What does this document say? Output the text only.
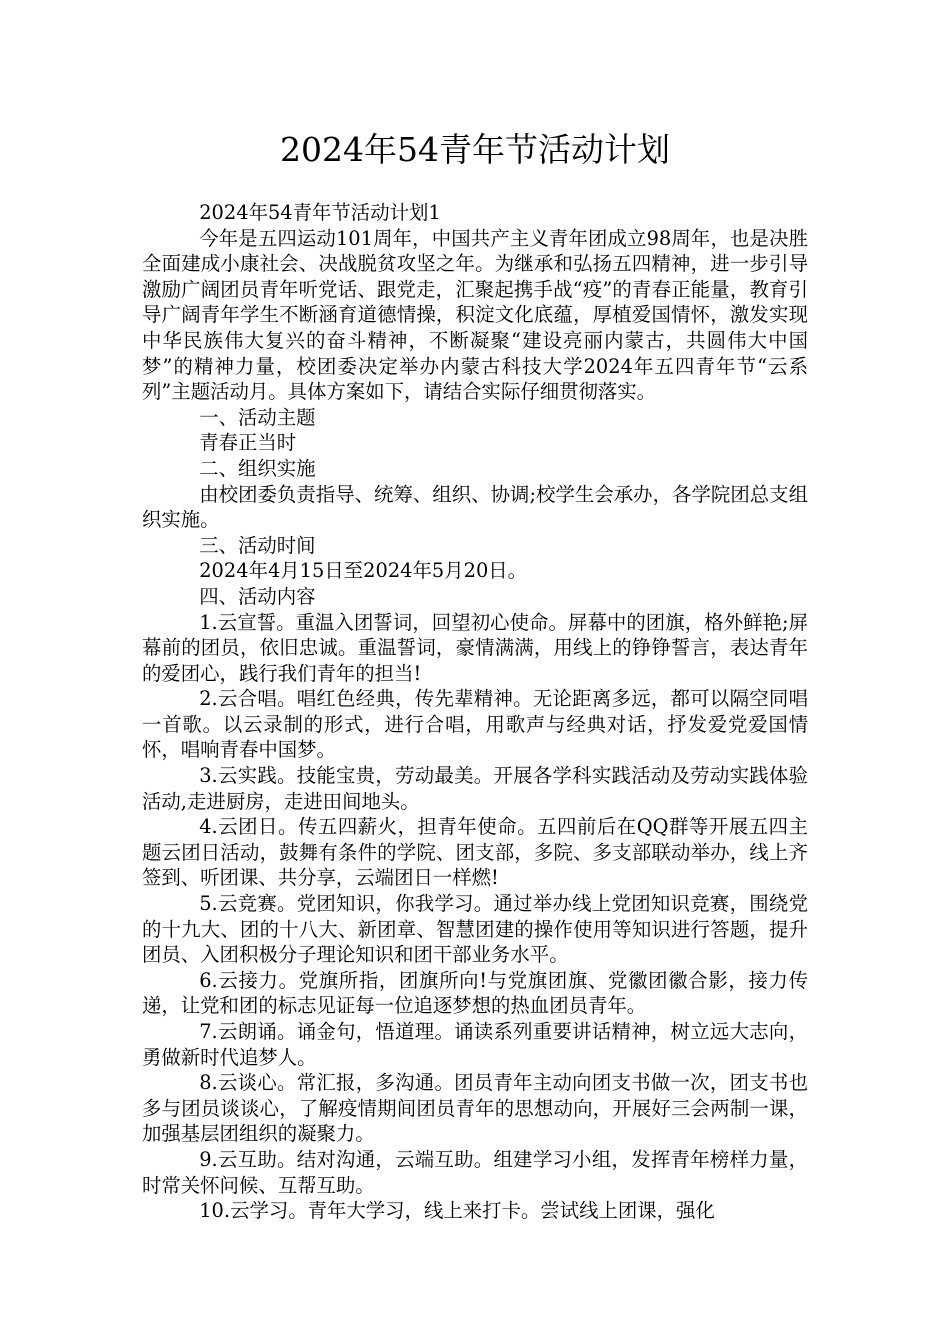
2024年54青年节活动计划

2024年54青年节活动计划1

今年是五四运动101周年，中国共产主义青年团成立98周年，也是决胜全面建成小康社会、决战脱贫攻坚之年。为继承和弘扬五四精神，进一步引导激励广阔团员青年听党话、跟党走，汇聚起携手战“疫”的青春正能量，教育引导广阔青年学生不断涵育道德情操，积淀文化底蕴，厚植爱国情怀，激发实现中华民族伟大复兴的奋斗精神，不断凝聚“建设亮丽内蒙古，共圆伟大中国梦”的精神力量，校团委决定举办内蒙古科技大学2024年五四青年节“云系列”主题活动月。具体方案如下，请结合实际仔细贯彻落实。

一、活动主题

青春正当时

二、组织实施

由校团委负责指导、统筹、组织、协调;校学生会承办，各学院团总支组织实施。

三、活动时间

2024年4月15日至2024年5月20日。

四、活动内容

1.云宣誓。重温入团誓词，回望初心使命。屏幕中的团旗，格外鲜艳;屏幕前的团员，依旧忠诚。重温誓词，豪情满满，用线上的铮铮誓言，表达青年的爱团心，践行我们青年的担当!

2.云合唱。唱红色经典，传先辈精神。无论距离多远，都可以隔空同唱一首歌。以云录制的形式，进行合唱，用歌声与经典对话，抒发爱党爱国情怀，唱响青春中国梦。

3.云实践。技能宝贵，劳动最美。开展各学科实践活动及劳动实践体验活动,走进厨房，走进田间地头。

4.云团日。传五四薪火，担青年使命。五四前后在QQ群等开展五四主题云团日活动，鼓舞有条件的学院、团支部，多院、多支部联动举办，线上齐签到、听团课、共分享，云端团日一样燃!

5.云竞赛。党团知识，你我学习。通过举办线上党团知识竞赛，围绕党的十九大、团的十八大、新团章、智慧团建的操作使用等知识进行答题，提升团员、入团积极分子理论知识和团干部业务水平。

6.云接力。党旗所指，团旗所向!与党旗团旗、党徽团徽合影，接力传递，让党和团的标志见证每一位追逐梦想的热血团员青年。

7.云朗诵。诵金句，悟道理。诵读系列重要讲话精神，树立远大志向，勇做新时代追梦人。

8.云谈心。常汇报，多沟通。团员青年主动向团支书做一次，团支书也多与团员谈谈心，了解疫情期间团员青年的思想动向，开展好三会两制一课，加强基层团组织的凝聚力。

9.云互助。结对沟通，云端互助。组建学习小组，发挥青年榜样力量，时常关怀问候、互帮互助。

10.云学习。青年大学习，线上来打卡。尝试线上团课，强化
